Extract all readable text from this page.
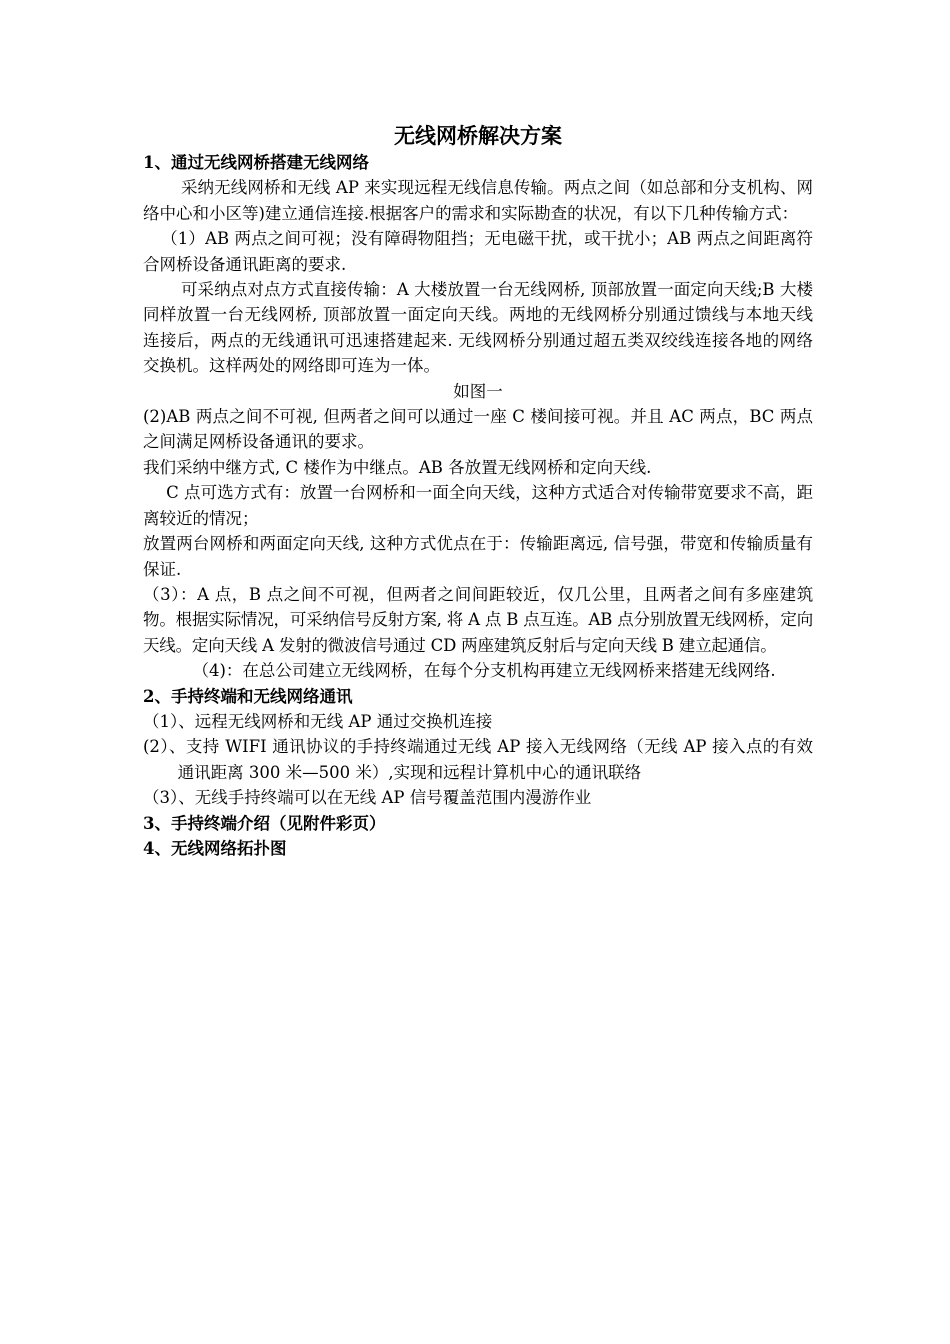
无线网桥解决方案
1、通过无线网桥搭建无线网络

采纳无线网桥和无线 AP 来实现远程无线信息传输。两点之间（如总部和分支机构、网络中心和小区等)建立通信连接.根据客户的需求和实际勘查的状况，有以下几种传输方式：

（1）AB 两点之间可视；没有障碍物阻挡；无电磁干扰，或干扰小；AB 两点之间距离符合网桥设备通讯距离的要求.

可采纳点对点方式直接传输：A 大楼放置一台无线网桥, 顶部放置一面定向天线;B 大楼同样放置一台无线网桥, 顶部放置一面定向天线。两地的无线网桥分别通过馈线与本地天线连接后，两点的无线通讯可迅速搭建起来. 无线网桥分别通过超五类双绞线连接各地的网络交换机。这样两处的网络即可连为一体。

如图一

(2)AB 两点之间不可视, 但两者之间可以通过一座 C 楼间接可视。并且 AC 两点，BC 两点之间满足网桥设备通讯的要求。

我们采纳中继方式, C 楼作为中继点。AB 各放置无线网桥和定向天线.

C 点可选方式有：放置一台网桥和一面全向天线，这种方式适合对传输带宽要求不高，距离较近的情况；

放置两台网桥和两面定向天线, 这种方式优点在于：传输距离远, 信号强，带宽和传输质量有保证.

（3）：A 点，B 点之间不可视，但两者之间间距较近，仅几公里，且两者之间有多座建筑物。根据实际情况，可采纳信号反射方案, 将 A 点 B 点互连。AB 点分别放置无线网桥，定向天线。定向天线 A 发射的微波信号通过 CD 两座建筑反射后与定向天线 B 建立起通信。

（4)：在总公司建立无线网桥，在每个分支机构再建立无线网桥来搭建无线网络.

2、手持终端和无线网络通讯

（1）、远程无线网桥和无线 AP 通过交换机连接

(2）、支持 WIFI 通讯协议的手持终端通过无线 AP 接入无线网络（无线 AP 接入点的有效通讯距离 300 米—500 米）,实现和远程计算机中心的通讯联络

（3）、无线手持终端可以在无线 AP 信号覆盖范围内漫游作业

3、手持终端介绍（见附件彩页）
4、无线网络拓扑图
